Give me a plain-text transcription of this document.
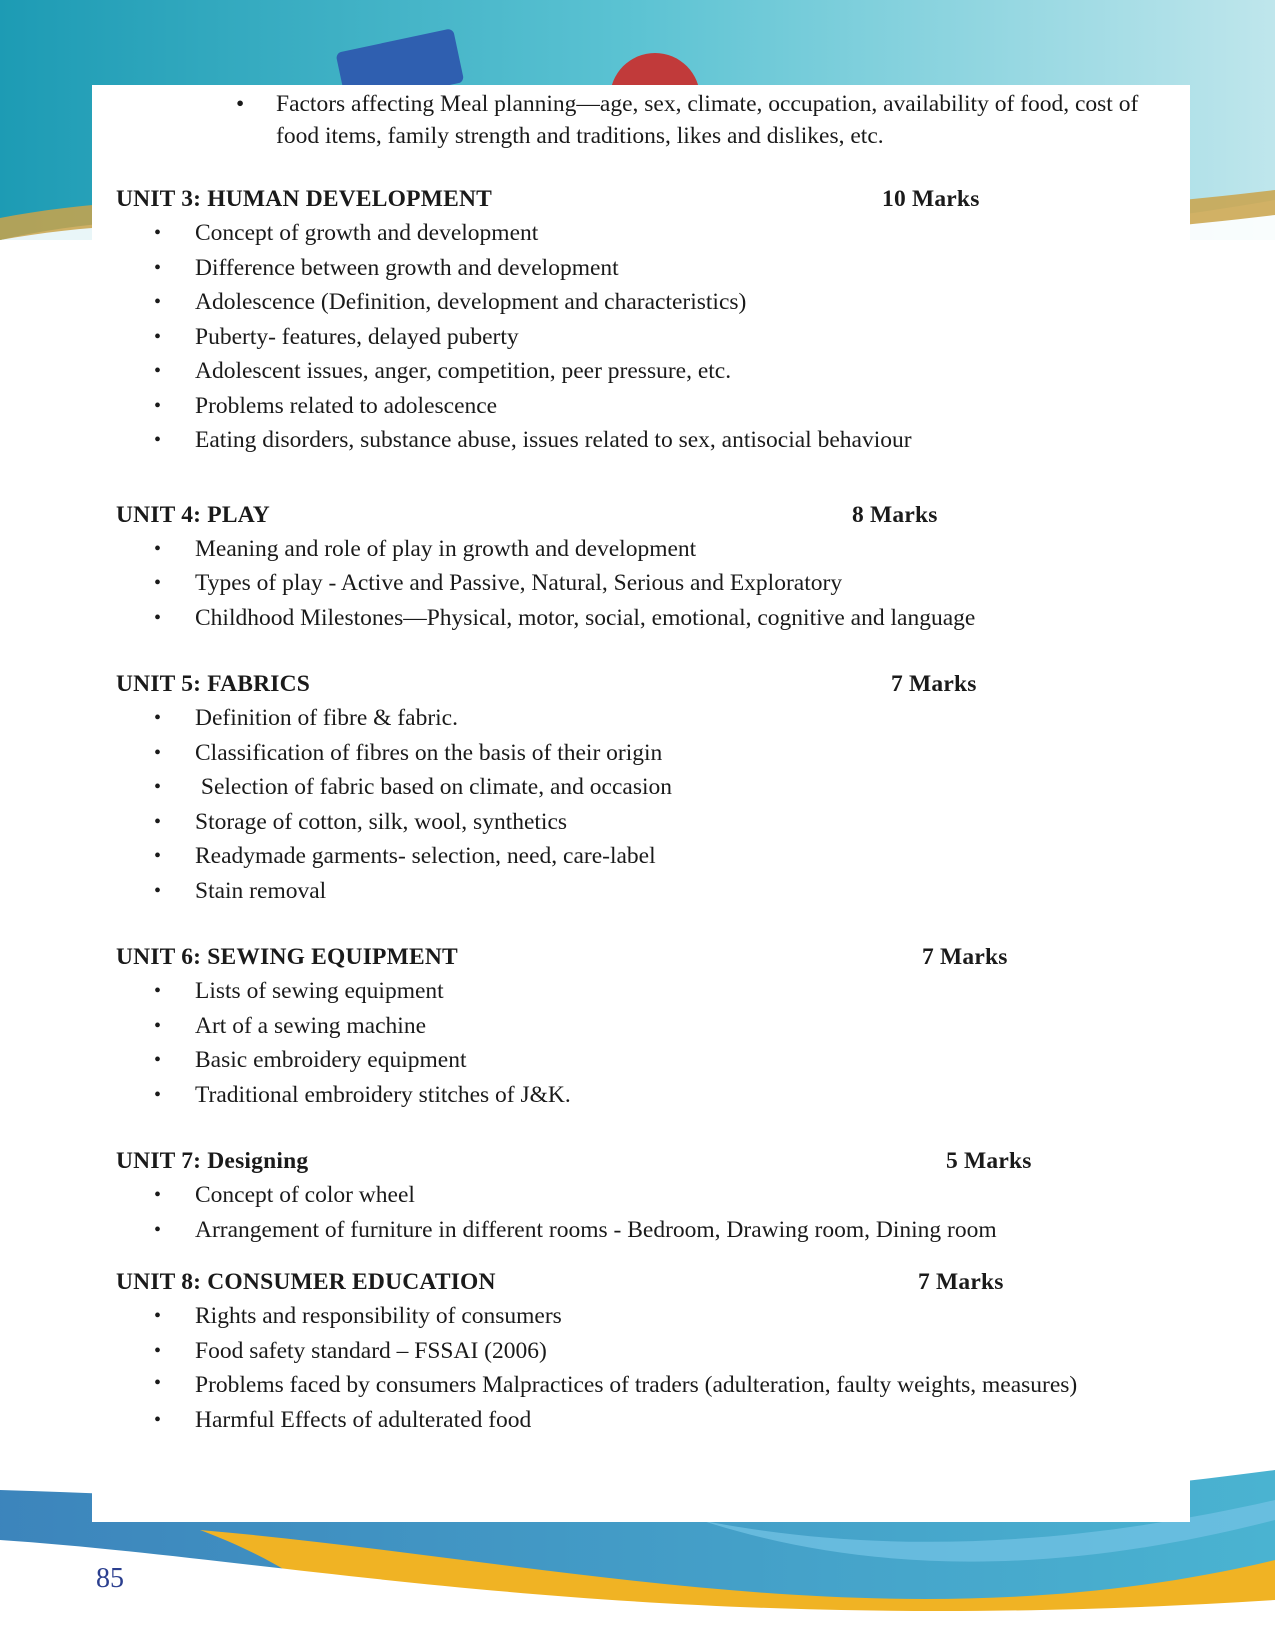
• Factors affecting Meal planning—age, sex, climate, occupation, availability of food, cost of food items, family strength and traditions, likes and dislikes, etc.
UNIT 3: HUMAN DEVELOPMENT	10 Marks
• Concept of growth and development
• Difference between growth and development
• Adolescence (Definition, development and characteristics)
• Puberty- features, delayed puberty
• Adolescent issues, anger, competition, peer pressure, etc.
• Problems related to adolescence
• Eating disorders, substance abuse, issues related to sex, antisocial behaviour
UNIT 4: PLAY	8 Marks
• Meaning and role of play in growth and development
• Types of play - Active and Passive, Natural, Serious and Exploratory
• Childhood Milestones—Physical, motor, social, emotional, cognitive and language
UNIT 5: FABRICS	7 Marks
• Definition of fibre & fabric.
• Classification of fibres on the basis of their origin
• Selection of fabric based on climate, and occasion
• Storage of cotton, silk, wool, synthetics
• Readymade garments- selection, need, care-label
• Stain removal
UNIT 6: SEWING EQUIPMENT	7 Marks
• Lists of sewing equipment
• Art of a sewing machine
• Basic embroidery equipment
• Traditional embroidery stitches of J&K.
UNIT 7: Designing	5 Marks
• Concept of color wheel
• Arrangement of furniture in different rooms - Bedroom, Drawing room, Dining room
UNIT 8: CONSUMER EDUCATION	7 Marks
• Rights and responsibility of consumers
• Food safety standard – FSSAI (2006)
• Problems faced by consumers Malpractices of traders (adulteration, faulty weights, measures)
• Harmful Effects of adulterated food
85
